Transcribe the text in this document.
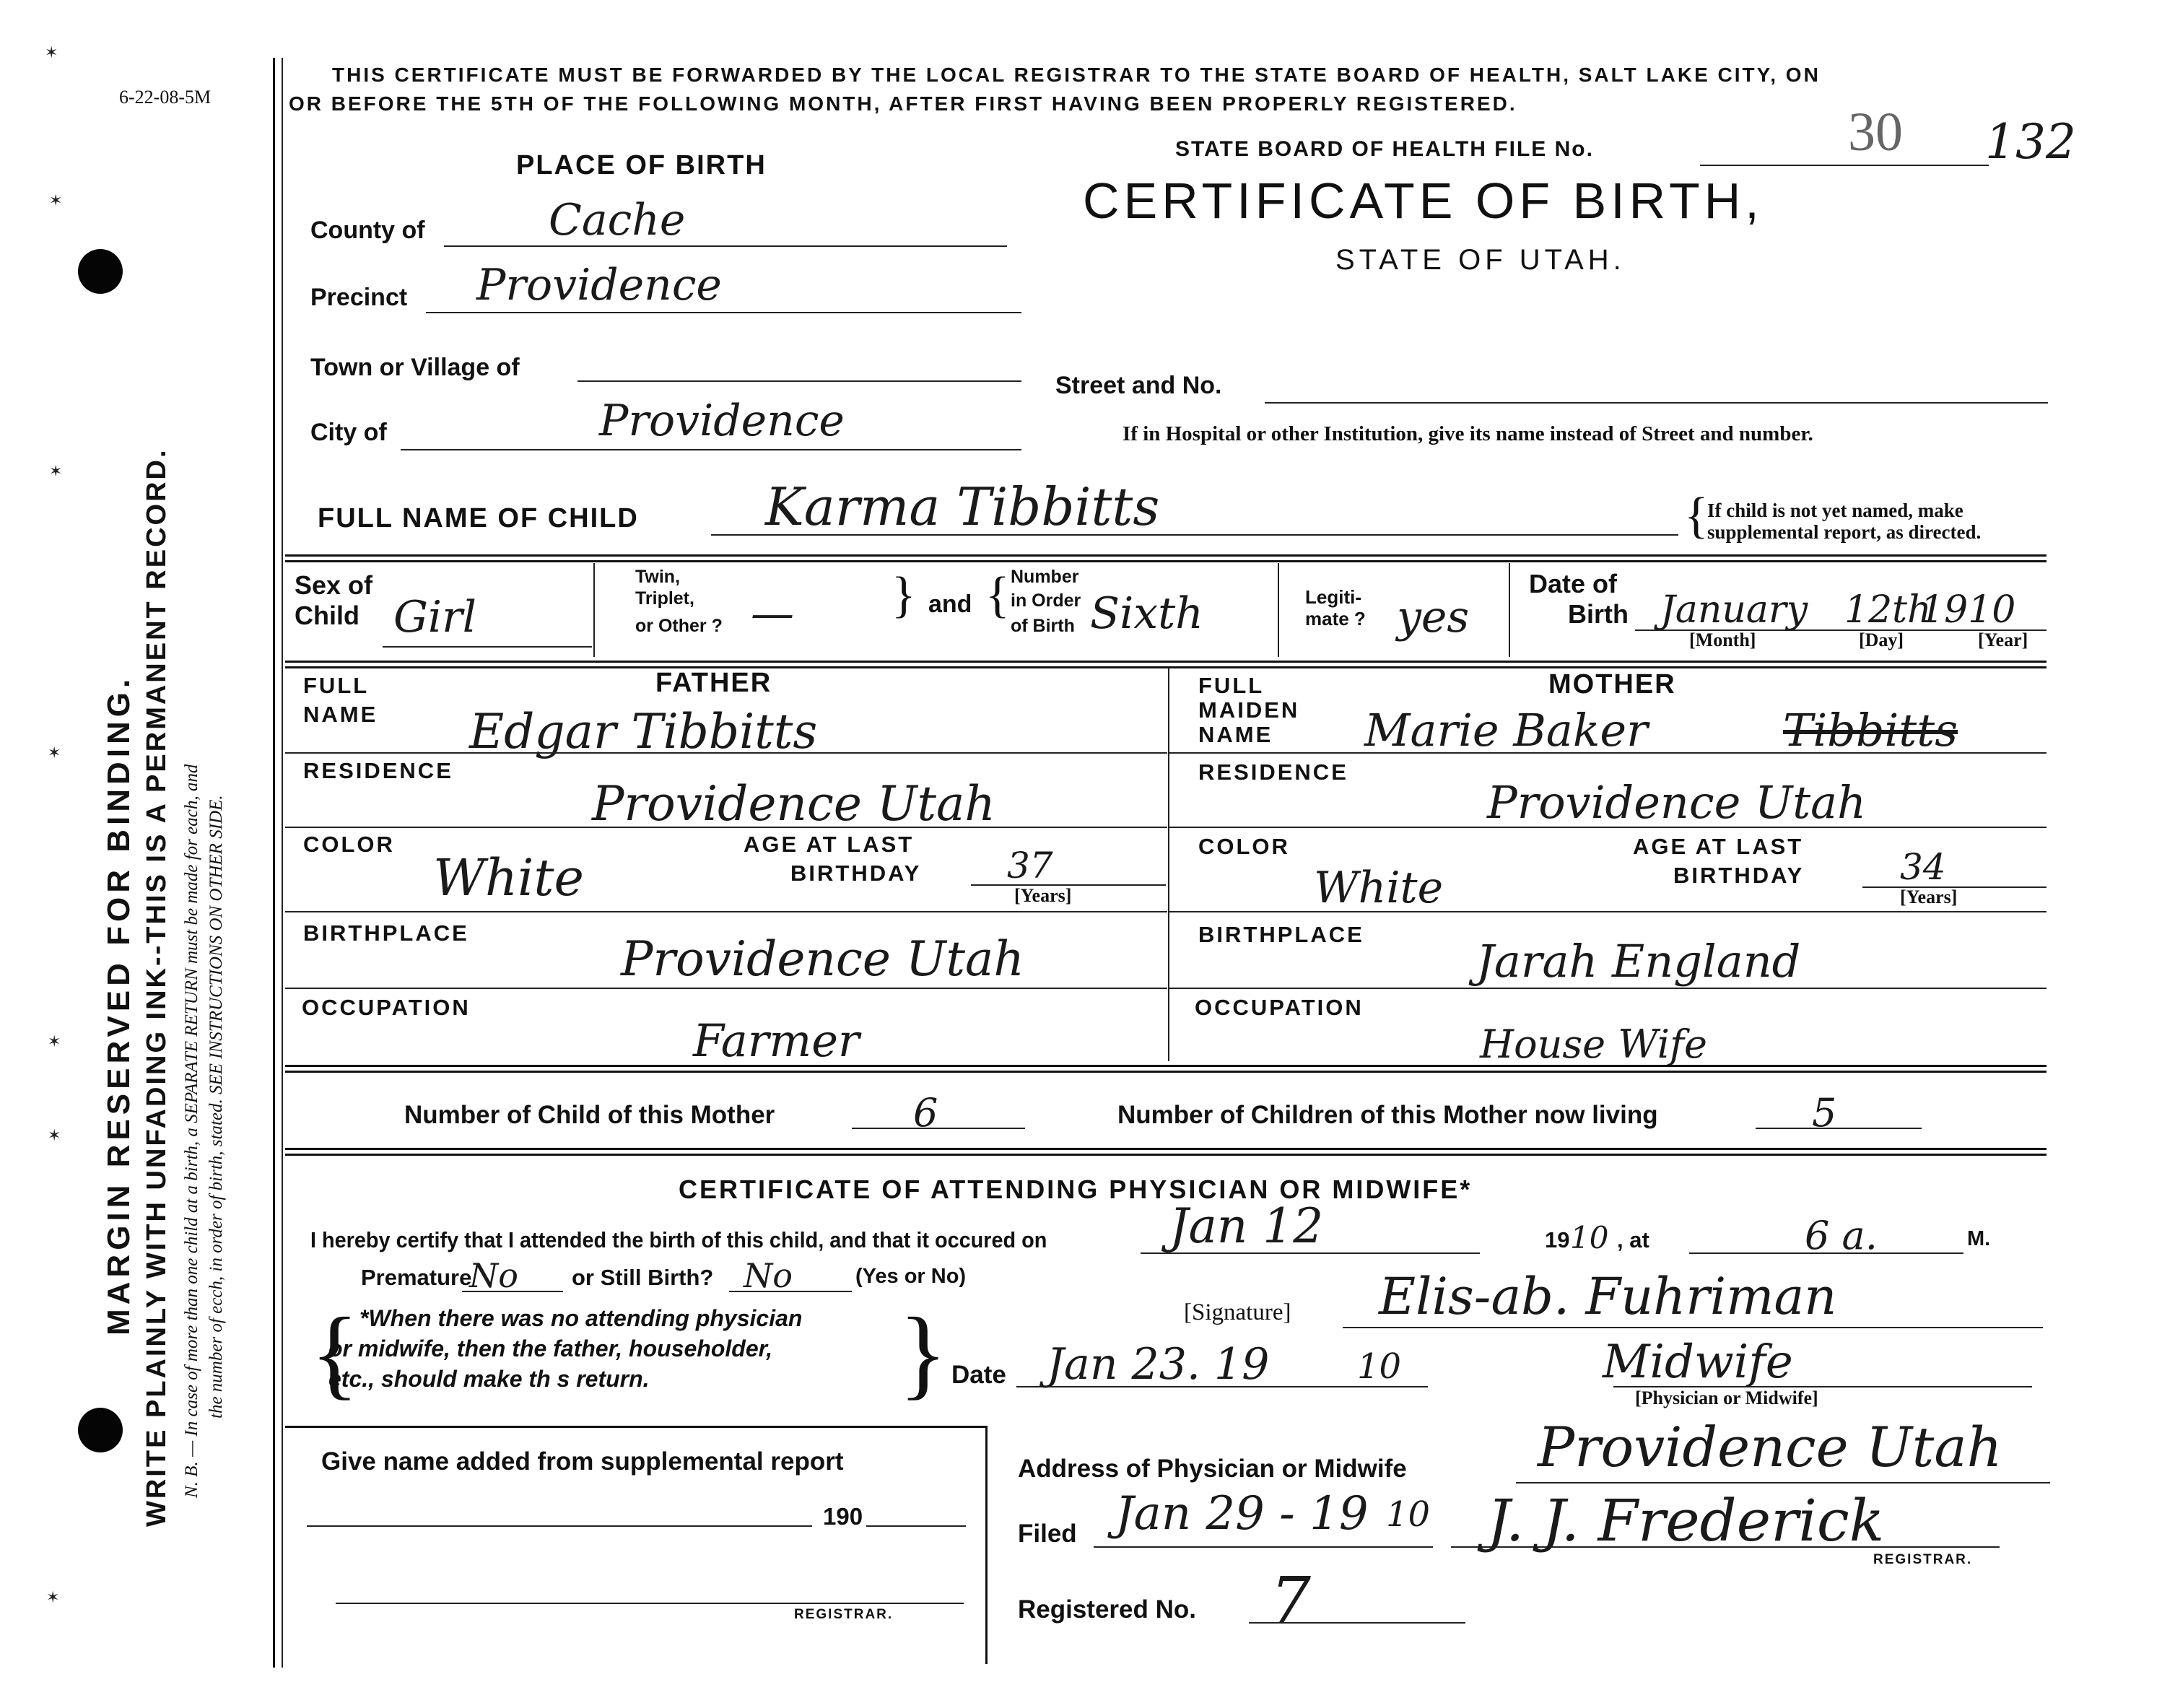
6-22-08-5M
✶
✶
✶
✶
✶
✶
✶
MARGIN RESERVED FOR BINDING. WRITE PLAINLY WITH UNFADING INK--THIS IS A PERMANENT RECORD. N. B. — In case of more than one child at a birth, a SEPARATE RETURN must be made for each, and the number of ecch, in order of birth, stated. SEE INSTRUCTIONS ON OTHER SIDE.
THIS CERTIFICATE MUST BE FORWARDED BY THE LOCAL REGISTRAR TO THE STATE BOARD OF HEALTH, SALT LAKE CITY, ON
OR BEFORE THE 5TH OF THE FOLLOWING MONTH, AFTER FIRST HAVING BEEN PROPERLY REGISTERED.
STATE BOARD OF HEALTH FILE No.	30 132
CERTIFICATE OF BIRTH,
STATE OF UTAH.
PLACE OF BIRTH
County of	Cache
Precinct Providence
Town or Village of
City of	Providence
Street and No.
If in Hospital or other Institution, give its name instead of Street and number.
FULL NAME OF CHILD Karma Tibbitts	{
If child is not yet named, make
supplemental report, as directed.
Sex of
Child Girl
Twin,
Triplet,
or Other ? — } and { Number
in Order
of Birth Sixth	Legiti-
mate ? yes
Date of
Birth January 12th
1910
[Month]	[Day]	[Year]
FATHER
FULL
NAME Edgar Tibbitts
RESIDENCE
Providence Utah
COLOR
White
AGE AT LAST
BIRTHDAY 37
[Years]
BIRTHPLACE	Providence Utah
OCCUPATION
Farmer
MOTHER
FULL
MAIDEN
NAME Marie Baker	Tibbitts
RESIDENCE
Providence Utah
COLOR
White
AGE AT LAST
BIRTHDAY	34
[Years]
BIRTHPLACE
Jarah England
OCCUPATION
House Wife
Number of Child of this Mother	6	Number of Children of this Mother now living	5
CERTIFICATE OF ATTENDING PHYSICIAN OR MIDWIFE*
I hereby certify that I attended the birth of this child, and that it occured on	Jan 12	19 10 , at	6 a.	M.
Premature
No or Still Birth? No	(Yes or No)
{ *When there was no attending physician
or midwife, then the father, householder,
etc., should make th s return. }	[Signature] Elis-ab. Fuhriman
Date Jan 23. 19	10	Midwife
[Physician or Midwife]
Give name added from supplemental report
190
REGISTRAR.
Address of Physician or Midwife Providence Utah
Filed Jan 29 - 19 10 J. J. Frederick
REGISTRAR.
Registered No. 7
